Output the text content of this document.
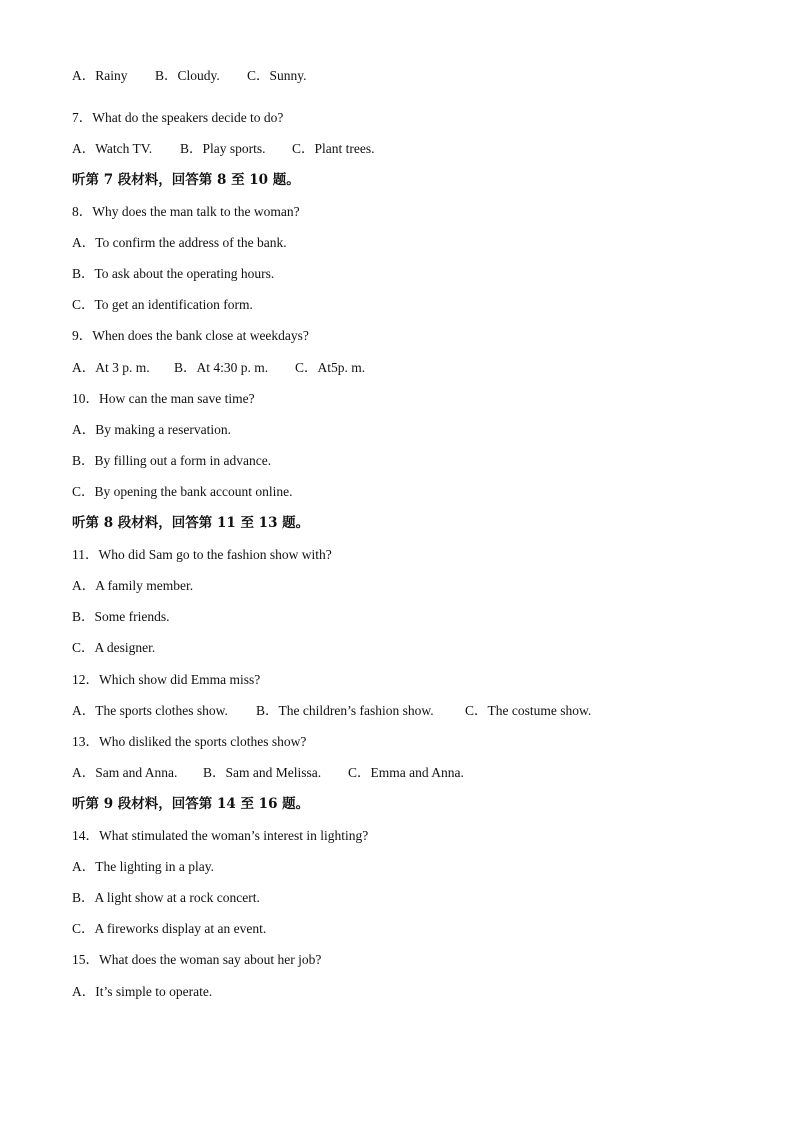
A．Rainy B．Cloudy. C．Sunny.
7．What do the speakers decide to do?
A．Watch TV. B．Play sports. C．Plant trees.
听第 7 段材料，回答第 8 至 10 题。
8．Why does the man talk to the woman?
A．To confirm the address of the bank.
B．To ask about the operating hours.
C．To get an identification form.
9．When does the bank close at weekdays?
A．At 3 p. m. B．At 4:30 p. m. C．At5p. m.
10．How can the man save time?
A．By making a reservation.
B．By filling out a form in advance.
C．By opening the bank account online.
听第 8 段材料，回答第 11 至 13 题。
11．Who did Sam go to the fashion show with?
A．A family member.
B．Some friends.
C．A designer.
12．Which show did Emma miss?
A．The sports clothes show. B．The children’s fashion show. C．The costume show.
13．Who disliked the sports clothes show?
A．Sam and Anna. B．Sam and Melissa. C．Emma and Anna.
听第 9 段材料，回答第 14 至 16 题。
14．What stimulated the woman’s interest in lighting?
A．The lighting in a play.
B．A light show at a rock concert.
C．A fireworks display at an event.
15．What does the woman say about her job?
A．It’s simple to operate.
